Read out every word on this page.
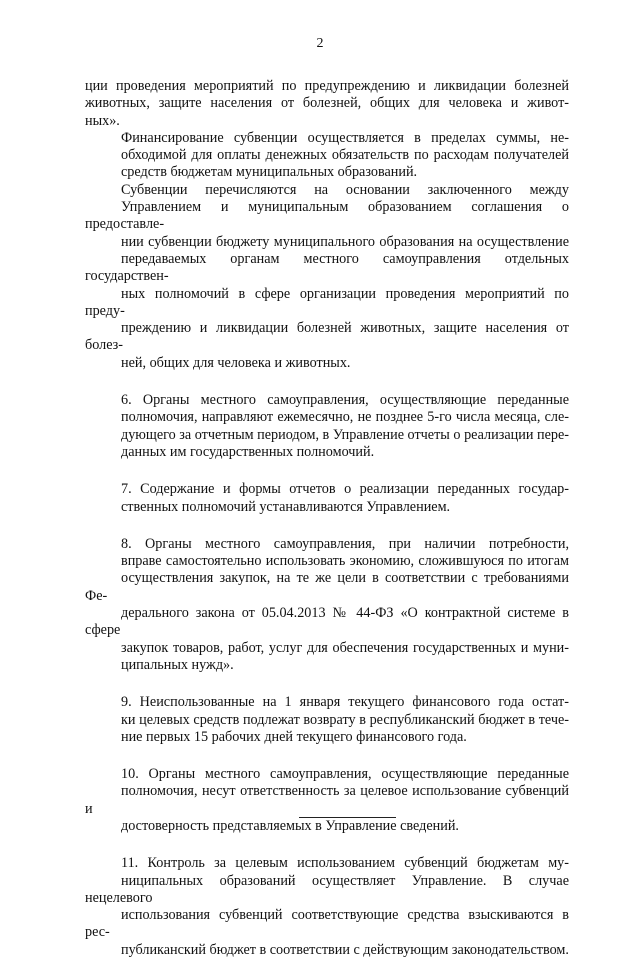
2

ции проведения мероприятий по предупреждению и ликвидации болезней
животных, защите населения от болезней, общих для человека и живот-
ных».

Финансирование субвенции осуществляется в пределах суммы, не-
обходимой для оплаты денежных обязательств по расходам получателей
средств бюджетам муниципальных образований.

Субвенции перечисляются на основании заключенного между
Управлением и муниципальным образованием соглашения о предоставле-
нии субвенции бюджету муниципального образования на осуществление
передаваемых органам местного самоуправления отдельных государствен-
ных полномочий в сфере организации проведения мероприятий по преду-
преждению и ликвидации болезней животных, защите населения от болез-
ней, общих для человека и животных.

6. Органы местного самоуправления, осуществляющие переданные
полномочия, направляют ежемесячно, не позднее 5-го числа месяца, сле-
дующего за отчетным периодом, в Управление отчеты о реализации пере-
данных им государственных полномочий.

7. Содержание и формы отчетов о реализации переданных государ-
ственных полномочий устанавливаются Управлением.

8. Органы местного самоуправления, при наличии потребности,
вправе самостоятельно использовать экономию, сложившуюся по итогам
осуществления закупок, на те же цели в соответствии с требованиями Фе-
дерального закона от 05.04.2013 № 44-ФЗ «О контрактной системе в сфере
закупок товаров, работ, услуг для обеспечения государственных и муни-
ципальных нужд».

9. Неиспользованные на 1 января текущего финансового года остат-
ки целевых средств подлежат возврату в республиканский бюджет в тече-
ние первых 15 рабочих дней текущего финансового года.

10. Органы местного самоуправления, осуществляющие переданные
полномочия, несут ответственность за целевое использование субвенций и
достоверность представляемых в Управление сведений.

11. Контроль за целевым использованием субвенций бюджетам му-
ниципальных образований осуществляет Управление. В случае нецелевого
использования субвенций соответствующие средства взыскиваются в рес-
публиканский бюджет в соответствии с действующим законодательством.
